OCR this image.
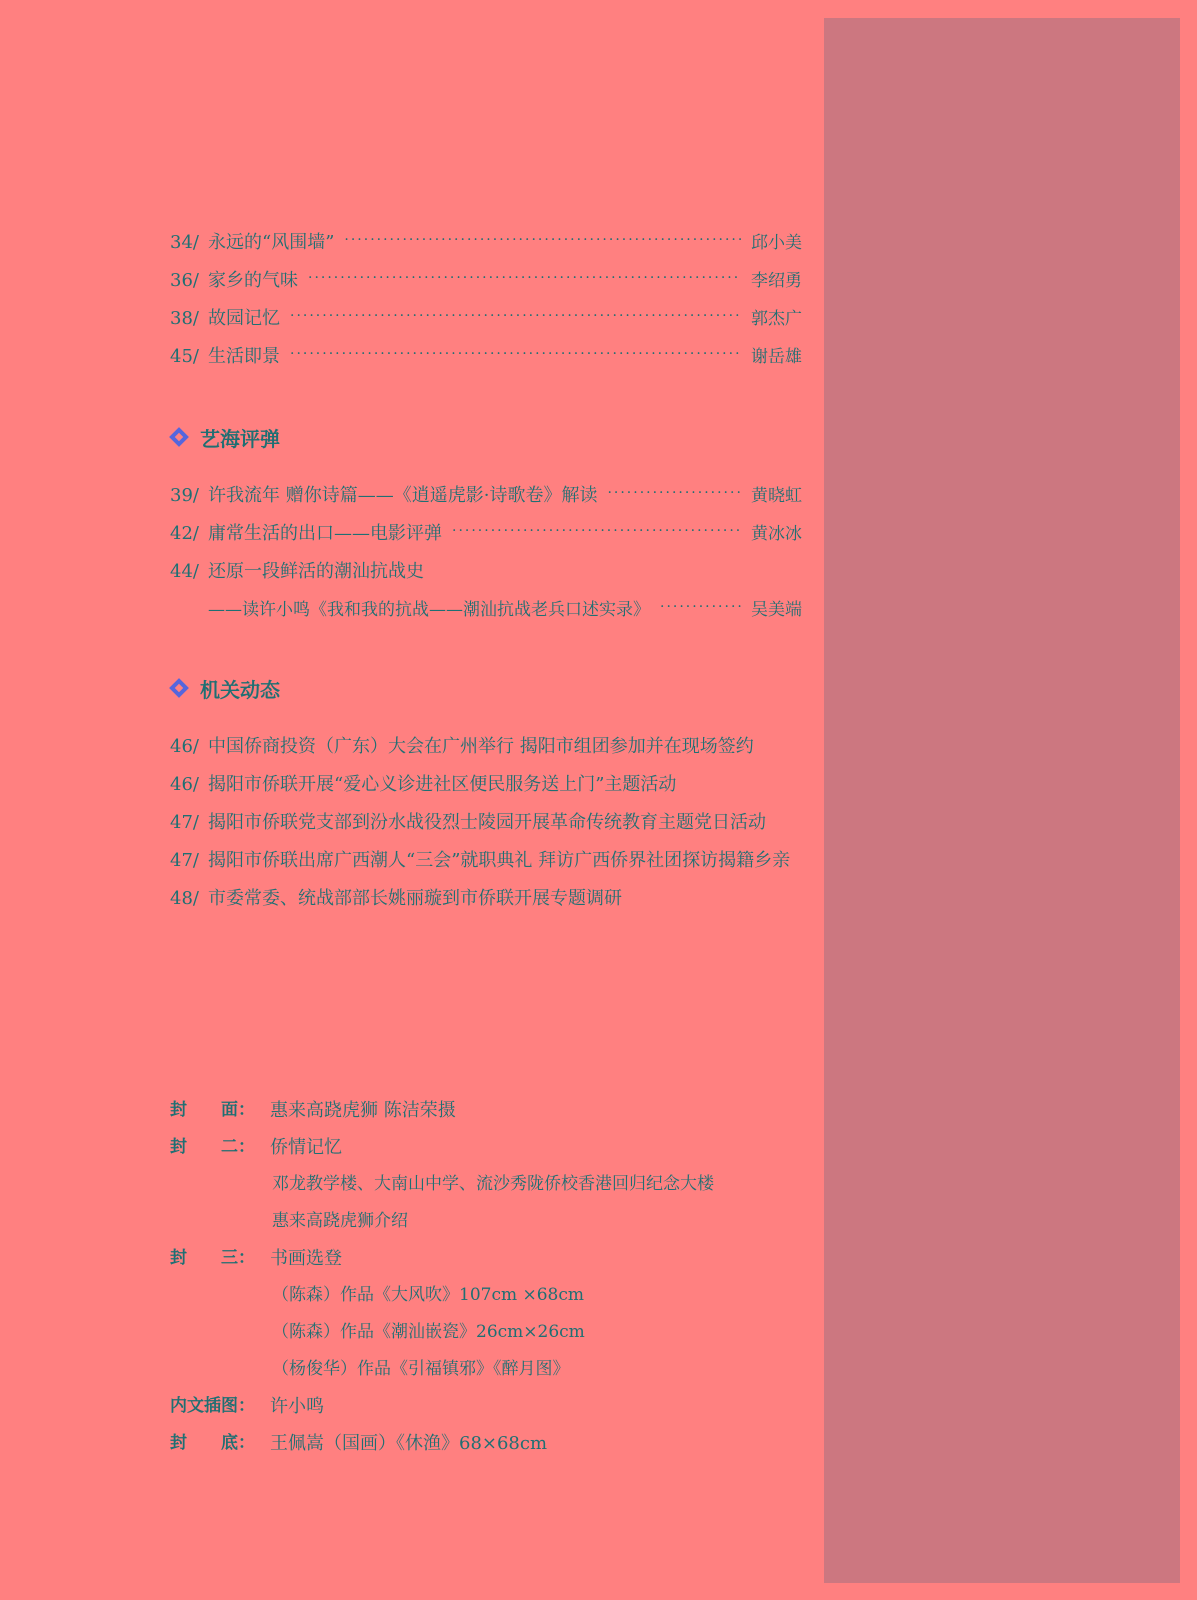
34/ 永远的“风围墙” ·····	邱小美
36/ 家乡的气味 ·····	李绍勇
38/ 故园记忆 ·····	郭杰广
45/ 生活即景 ·····	谢岳雄
艺海评弹
39/ 许我流年 赠你诗篇——《逍遥虎影·诗歌卷》解读 ·····	黄晓虹
42/ 庸常生活的出口——电影评弹 ·····	黄冰冰
44/ 还原一段鲜活的潮汕抗战史
——读许小鸣《我和我的抗战——潮汕抗战老兵口述实录》 ·····	吴美端
机关动态
46/ 中国侨商投资（广东）大会在广州举行 揭阳市组团参加并在现场签约
46/ 揭阳市侨联开展“爱心义诊进社区便民服务送上门”主题活动
47/ 揭阳市侨联党支部到汾水战役烈士陵园开展革命传统教育主题党日活动
47/ 揭阳市侨联出席广西潮人“三会”就职典礼 拜访广西侨界社团探访揭籍乡亲
48/ 市委常委、统战部部长姚丽璇到市侨联开展专题调研
封　　面： 惠来高跷虎狮 陈洁荣摄
封　　二： 侨情记忆
邓龙教学楼、大南山中学、流沙秀陇侨校香港回归纪念大楼
惠来高跷虎狮介绍
封　　三： 书画选登
（陈森）作品《大风吹》107cm ×68cm
（陈森）作品《潮汕嵌瓷》26cm×26cm
（杨俊华）作品《引福镇邪》《醉月图》
内文插图： 许小鸣
封　　底： 王佩嵩（国画）《休渔》68×68cm
